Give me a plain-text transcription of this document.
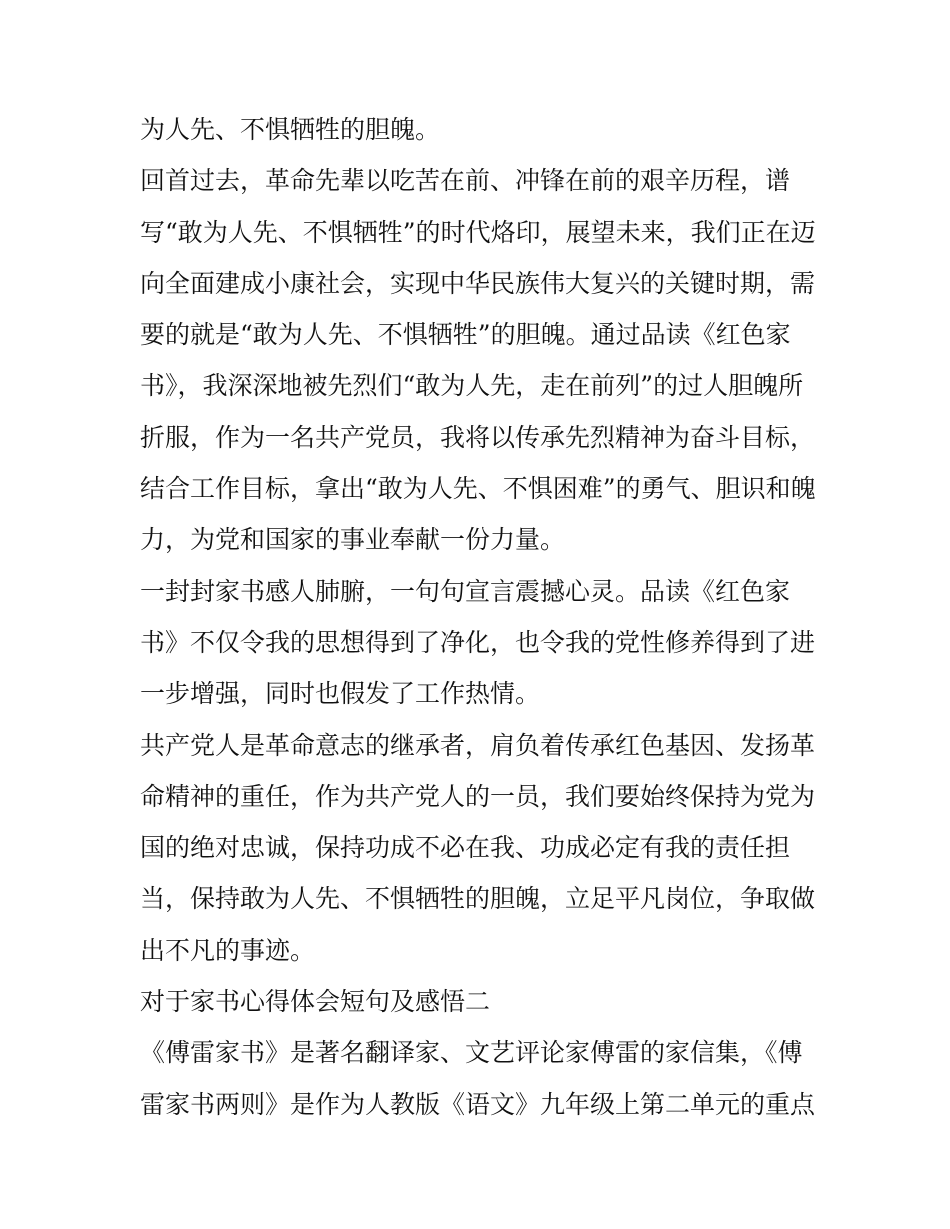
为人先、不惧牺牲的胆魄。
回首过去，革命先辈以吃苦在前、冲锋在前的艰辛历程，谱
写“敢为人先、不惧牺牲”的时代烙印，展望未来，我们正在迈
向全面建成小康社会，实现中华民族伟大复兴的关键时期，需
要的就是“敢为人先、不惧牺牲”的胆魄。通过品读《红色家
书》，我深深地被先烈们“敢为人先，走在前列”的过人胆魄所
折服，作为一名共产党员，我将以传承先烈精神为奋斗目标，
结合工作目标，拿出“敢为人先、不惧困难”的勇气、胆识和魄
力，为党和国家的事业奉献一份力量。
一封封家书感人肺腑，一句句宣言震撼心灵。品读《红色家
书》不仅令我的思想得到了净化，也令我的党性修养得到了进
一步增强，同时也假发了工作热情。
共产党人是革命意志的继承者，肩负着传承红色基因、发扬革
命精神的重任，作为共产党人的一员，我们要始终保持为党为
国的绝对忠诚，保持功成不必在我、功成必定有我的责任担
当，保持敢为人先、不惧牺牲的胆魄，立足平凡岗位，争取做
出不凡的事迹。
对于家书心得体会短句及感悟二
《傅雷家书》是著名翻译家、文艺评论家傅雷的家信集，《傅
雷家书两则》是作为人教版《语文》九年级上第二单元的重点
